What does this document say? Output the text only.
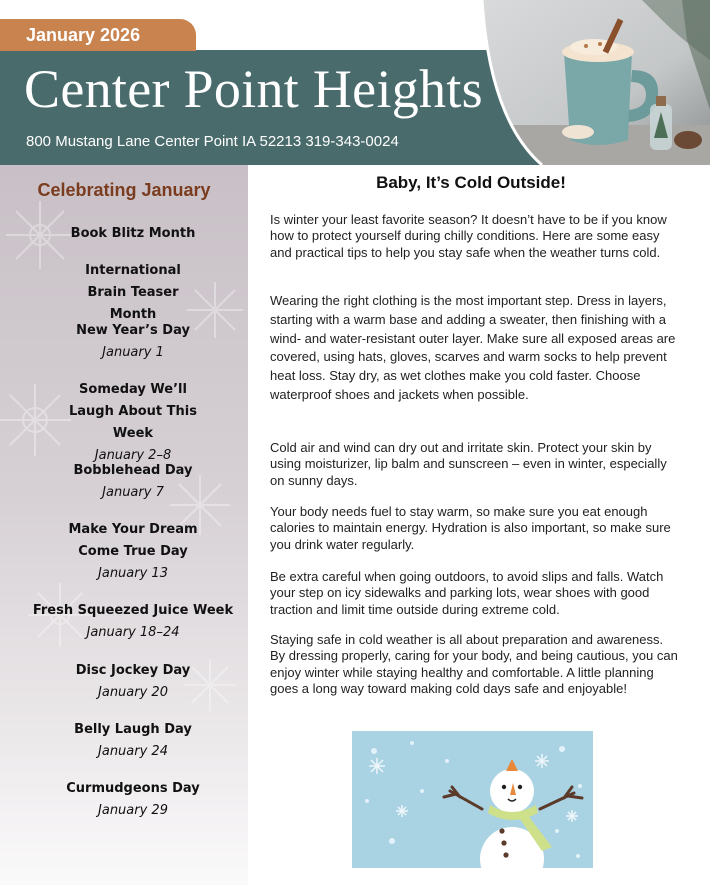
January 2026
Center Point Heights
800 Mustang Lane Center Point IA 52213 319-343-0024
Celebrating January
Book Blitz Month
International Brain Teaser Month
New Year’s Day
January 1
Someday We’ll Laugh About This Week
January 2–8
Bobblehead Day
January 7
Make Your Dream Come True Day
January 13
Fresh Squeezed Juice Week
January 18–24
Disc Jockey Day
January 20
Belly Laugh Day
January 24
Curmudgeons Day
January 29
Baby, It’s Cold Outside!

Is winter your least favorite season? It doesn’t have to be if you know how to protect yourself during chilly conditions. Here are some easy and practical tips to help you stay safe when the weather turns cold.

Wearing the right clothing is the most important step. Dress in layers, starting with a warm base and adding a sweater, then finishing with a wind- and water-resistant outer layer. Make sure all exposed areas are covered, using hats, gloves, scarves and warm socks to help prevent heat loss. Stay dry, as wet clothes make you cold faster. Choose waterproof shoes and jackets when possible.

Cold air and wind can dry out and irritate skin. Protect your skin by using moisturizer, lip balm and sunscreen – even in winter, especially on sunny days.

Your body needs fuel to stay warm, so make sure you eat enough calories to maintain energy. Hydration is also important, so make sure you drink water regularly.

Be extra careful when going outdoors, to avoid slips and falls. Watch your step on icy sidewalks and parking lots, wear shoes with good traction and limit time outside during extreme cold.

Staying safe in cold weather is all about preparation and awareness. By dressing properly, caring for your body, and being cautious, you can enjoy winter while staying healthy and comfortable. A little planning goes a long way toward making cold days safe and enjoyable!
